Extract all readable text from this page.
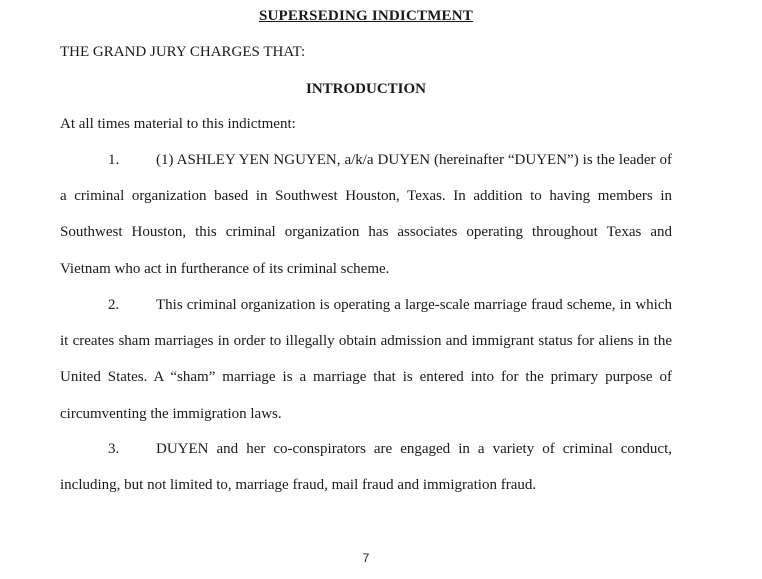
SUPERSEDING INDICTMENT
THE GRAND JURY CHARGES THAT:
INTRODUCTION
At all times material to this indictment:

1. (1) ASHLEY YEN NGUYEN, a/k/a DUYEN (hereinafter “DUYEN”) is the leader of a criminal organization based in Southwest Houston, Texas. In addition to having members in Southwest Houston, this criminal organization has associates operating throughout Texas and Vietnam who act in furtherance of its criminal scheme.

2. This criminal organization is operating a large-scale marriage fraud scheme, in which it creates sham marriages in order to illegally obtain admission and immigrant status for aliens in the United States. A “sham” marriage is a marriage that is entered into for the primary purpose of circumventing the immigration laws.

3. DUYEN and her co-conspirators are engaged in a variety of criminal conduct, including, but not limited to, marriage fraud, mail fraud and immigration fraud.

7
